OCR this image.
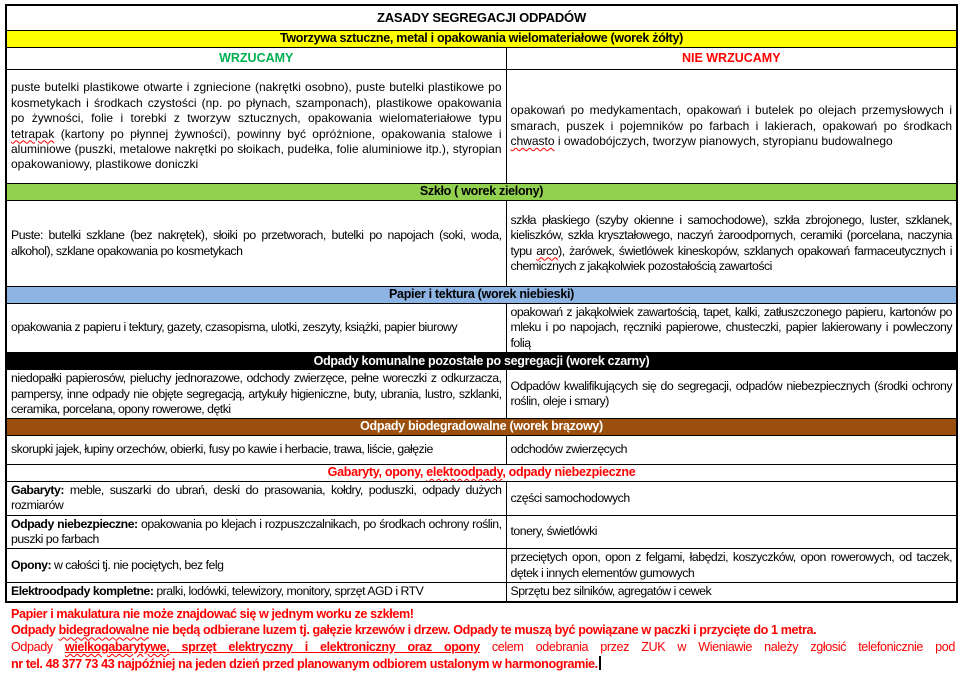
ZASADY SEGREGACJI ODPADÓW	
Tworzywa sztuczne, metal i opakowania wielomateriałowe (worek żółty)	
WRZUCAMY	NIE WRZUCAMY
puste butelki plastikowe otwarte i zgniecione (nakrętki osobno), puste butelki plastikowe po kosmetykach i środkach czystości (np. po płynach, szamponach), plastikowe opakowania po żywności, folie i torebki z tworzyw sztucznych, opakowania wielomateriałowe typu tetrapak (kartony po płynnej żywności), powinny być opróżnione, opakowania stalowe i aluminiowe (puszki, metalowe nakrętki po słoikach, pudełka, folie aluminiowe itp.), styropian opakowaniowy, plastikowe doniczki	opakowań po medykamentach, opakowań i butelek po olejach przemysłowych i smarach, puszek i pojemników po farbach i lakierach, opakowań po środkach chwasto i owadobójczych, tworzyw pianowych, styropianu budowalnego
Szkło ( worek zielony)	
Puste: butelki szklane (bez nakrętek), słoiki po przetworach, butelki po napojach (soki, woda, alkohol), szklane opakowania po kosmetykach	szkła płaskiego (szyby okienne i samochodowe), szkła zbrojonego, luster, szklanek, kieliszków, szkła kryształowego, naczyń żaroodpornych, ceramiki (porcelana, naczynia typu arco), żarówek, świetlówek kineskopów, szklanych opakowań farmaceutycznych i chemicznych z jakąkolwiek pozostałością zawartości
Papier i tektura (worek niebieski)	
opakowania z papieru i tektury, gazety, czasopisma, ulotki, zeszyty, książki, papier biurowy	opakowań z jakąkolwiek zawartością, tapet, kalki, zatłuszczonego papieru, kartonów po mleku i po napojach, ręczniki papierowe, chusteczki, papier lakierowany i powleczony folią
Odpady komunalne pozostałe po segregacji (worek czarny)	
niedopałki papierosów, pieluchy jednorazowe, odchody zwierzęce, pełne woreczki z odkurzacza, pampersy, inne odpady nie objęte segregacją, artykuły higieniczne, buty, ubrania, lustro, szklanki, ceramika, porcelana, opony rowerowe, dętki	Odpadów kwalifikujących się do segregacji, odpadów niebezpiecznych (środki ochrony roślin, oleje i smary)
Odpady biodegradowalne (worek brązowy)	
skorupki jajek, łupiny orzechów, obierki, fusy po kawie i herbacie, trawa, liście, gałęzie	odchodów zwierzęcych
Gabaryty, opony, elektoodpady, odpady niebezpieczne	
Gabaryty: meble, suszarki do ubrań, deski do prasowania, kołdry, poduszki, odpady dużych rozmiarów	części samochodowych
Odpady niebezpieczne: opakowania po klejach i rozpuszczalnikach, po środkach ochrony roślin, puszki po farbach	tonery, świetlówki
Opony: w całości tj. nie pociętych, bez felg	przeciętych opon, opon z felgami, łabędzi, koszyczków, opon rowerowych, od taczek, dętek i innych elementów gumowych
Elektroodpady kompletne: pralki, lodówki, telewizory, monitory, sprzęt AGD i RTV	Sprzętu bez silników, agregatów i cewek

Papier i makulatura nie może znajdować się w jednym worku ze szkłem!

Odpady bidegradowalne nie będą odbierane luzem tj. gałęzie krzewów i drzew. Odpady te muszą być powiązane w paczki i przycięte do 1 metra.

Odpady wielkogabarytywe, sprzęt elektryczny i elektroniczny oraz opony celem odebrania przez ZUK w Wieniawie należy zgłosić telefonicznie pod

nr tel. 48 377 73 43 najpóźniej na jeden dzień przed planowanym odbiorem ustalonym w harmonogramie.
